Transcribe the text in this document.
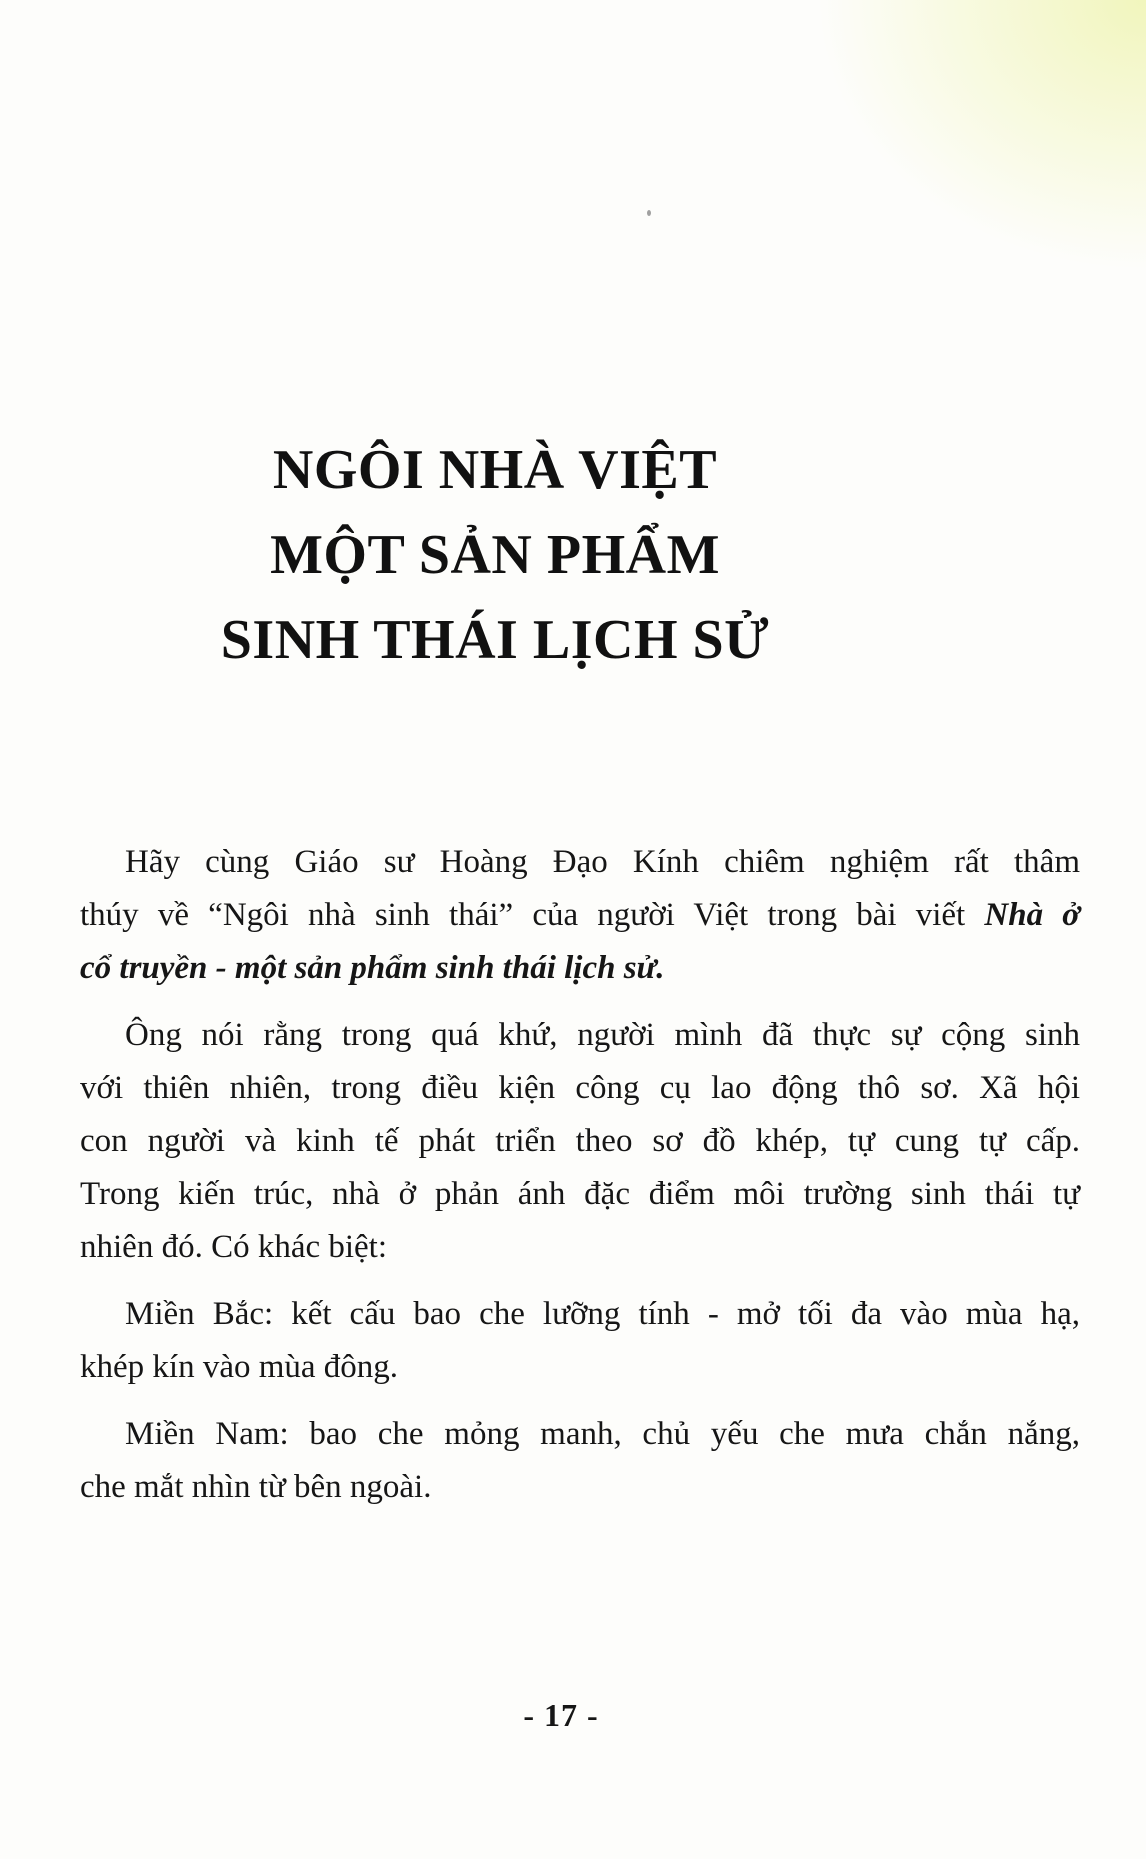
NGÔI NHÀ VIỆT
MỘT SẢN PHẨM
SINH THÁI LỊCH SỬ
Hãy cùng Giáo sư Hoàng Đạo Kính chiêm nghiệm rất thâm
thúy về “Ngôi nhà sinh thái” của người Việt trong bài viết Nhà ở
cổ truyền - một sản phẩm sinh thái lịch sử.
Ông nói rằng trong quá khứ, người mình đã thực sự cộng sinh
với thiên nhiên, trong điều kiện công cụ lao động thô sơ. Xã hội
con người và kinh tế phát triển theo sơ đồ khép, tự cung tự cấp.
Trong kiến trúc, nhà ở phản ánh đặc điểm môi trường sinh thái tự
nhiên đó. Có khác biệt:
Miền Bắc: kết cấu bao che lưỡng tính - mở tối đa vào mùa hạ,
khép kín vào mùa đông.
Miền Nam: bao che mỏng manh, chủ yếu che mưa chắn nắng,
che mắt nhìn từ bên ngoài.
- 17 -
